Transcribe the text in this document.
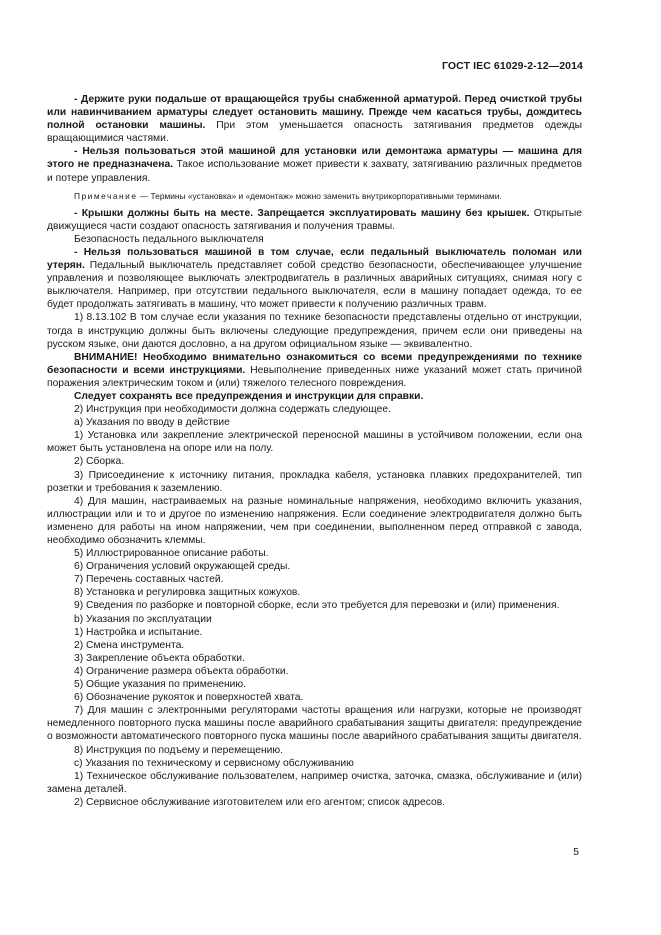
ГОСТ IEC 61029-2-12—2014

- Держите руки подальше от вращающейся трубы снабженной арматурой. Перед очисткой трубы или навинчиванием арматуры следует остановить машину. Прежде чем касаться трубы, дождитесь полной остановки машины. При этом уменьшается опасность затягивания предметов одежды вращающимися частями.

- Нельзя пользоваться этой машиной для установки или демонтажа арматуры — машина для этого не предназначена. Такое использование может привести к захвату, затягиванию различных предметов и потере управления.

Примечание — Термины «установка» и «демонтаж» можно заменить внутрикорпоративными терминами.

- Крышки должны быть на месте. Запрещается эксплуатировать машину без крышек. Открытые движущиеся части создают опасность затягивания и получения травмы.

Безопасность педального выключателя

- Нельзя пользоваться машиной в том случае, если педальный выключатель поломан или утерян. Педальный выключатель представляет собой средство безопасности, обеспечивающее улучшение управления и позволяющее выключать электродвигатель в различных аварийных ситуациях, снимая ногу с выключателя. Например, при отсутствии педального выключателя, если в машину попадает одежда, то ее будет продолжать затягивать в машину, что может привести к получению различных травм.

1) 8.13.102 В том случае если указания по технике безопасности представлены отдельно от инструкции, тогда в инструкцию должны быть включены следующие предупреждения, причем если они приведены на русском языке, они даются дословно, а на другом официальном языке — эквивалентно.

ВНИМАНИЕ! Необходимо внимательно ознакомиться со всеми предупреждениями по технике безопасности и всеми инструкциями. Невыполнение приведенных ниже указаний может стать причиной поражения электрическим током и (или) тяжелого телесного повреждения.

Следует сохранять все предупреждения и инструкции для справки.

2) Инструкция при необходимости должна содержать следующее.

а) Указания по вводу в действие

1) Установка или закрепление электрической переносной машины в устойчивом положении, если она может быть установлена на опоре или на полу.

2) Сборка.

3) Присоединение к источнику питания, прокладка кабеля, установка плавких предохранителей, тип розетки и требования к заземлению.

4) Для машин, настраиваемых на разные номинальные напряжения, необходимо включить указания, иллюстрации или и то и другое по изменению напряжения. Если соединение электродвигателя должно быть изменено для работы на ином напряжении, чем при соединении, выполненном перед отправкой с завода, необходимо обозначить клеммы.

5) Иллюстрированное описание работы.

6) Ограничения условий окружающей среды.

7) Перечень составных частей.

8) Установка и регулировка защитных кожухов.

9) Сведения по разборке и повторной сборке, если это требуется для перевозки и (или) применения.

b) Указания по эксплуатации

1) Настройка и испытание.

2) Смена инструмента.

3) Закрепление объекта обработки.

4) Ограничение размера объекта обработки.

5) Общие указания по применению.

6) Обозначение рукояток и поверхностей хвата.

7) Для машин с электронными регуляторами частоты вращения или нагрузки, которые не производят немедленного повторного пуска машины после аварийного срабатывания защиты двигателя: предупреждение о возможности автоматического повторного пуска машины после аварийного срабатывания защиты двигателя.

8) Инструкция по подъему и перемещению.

c) Указания по техническому и сервисному обслуживанию

1) Техническое обслуживание пользователем, например очистка, заточка, смазка, обслуживание и (или) замена деталей.

2) Сервисное обслуживание изготовителем или его агентом; список адресов.

5
